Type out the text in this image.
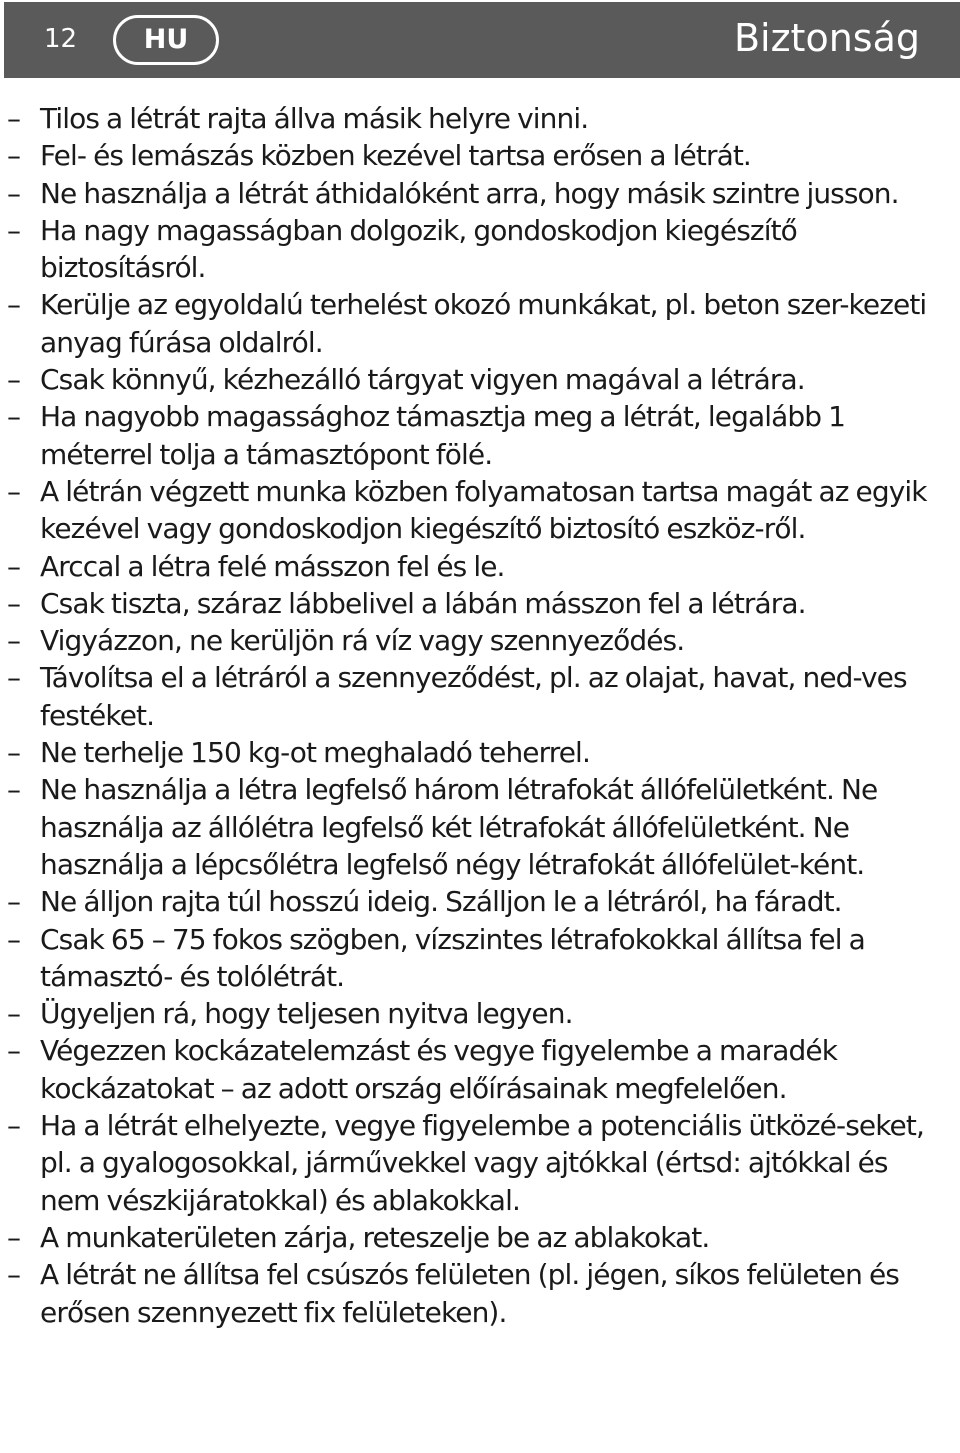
12	HU	Biztonság
– Tilos a létrát rajta állva másik helyre vinni.
– Fel- és lemászás közben kezével tartsa erősen a létrát.
– Ne használja a létrát áthidalóként arra, hogy másik szintre jusson.
– Ha nagy magasságban dolgozik, gondoskodjon kiegészítő biztosításról.
– Kerülje az egyoldalú terhelést okozó munkákat, pl. beton szer-kezeti anyag fúrása oldalról.
– Csak könnyű, kézhezálló tárgyat vigyen magával a létrára.
– Ha nagyobb magassághoz támasztja meg a létrát, legalább 1 méterrel tolja a támasztópont fölé.
– A létrán végzett munka közben folyamatosan tartsa magát az egyik kezével vagy gondoskodjon kiegészítő biztosító eszköz-ről.
– Arccal a létra felé másszon fel és le.
– Csak tiszta, száraz lábbelivel a lábán másszon fel a létrára.
– Vigyázzon, ne kerüljön rá víz vagy szennyeződés.
– Távolítsa el a létráról a szennyeződést, pl. az olajat, havat, ned-ves festéket.
– Ne terhelje 150 kg-ot meghaladó teherrel.
– Ne használja a létra legfelső három létrafokát állófelületként. Ne használja az állólétra legfelső két létrafokát állófelületként. Ne használja a lépcsőlétra legfelső négy létrafokát állófelület-ként.
– Ne álljon rajta túl hosszú ideig. Szálljon le a létráról, ha fáradt.
– Csak 65 – 75 fokos szögben, vízszintes létrafokokkal állítsa fel a támasztó- és tolólétrát.
– Ügyeljen rá, hogy teljesen nyitva legyen.
– Végezzen kockázatelemzást és vegye figyelembe a maradék kockázatokat – az adott ország előírásainak megfelelően.
– Ha a létrát elhelyezte, vegye figyelembe a potenciális ütközé-seket, pl. a gyalogosokkal, járművekkel vagy ajtókkal (értsd: ajtókkal és nem vészkijáratokkal) és ablakokkal.
– A munkaterületen zárja, reteszelje be az ablakokat.
– A létrát ne állítsa fel csúszós felületen (pl. jégen, síkos felületen és erősen szennyezett fix felületeken).
